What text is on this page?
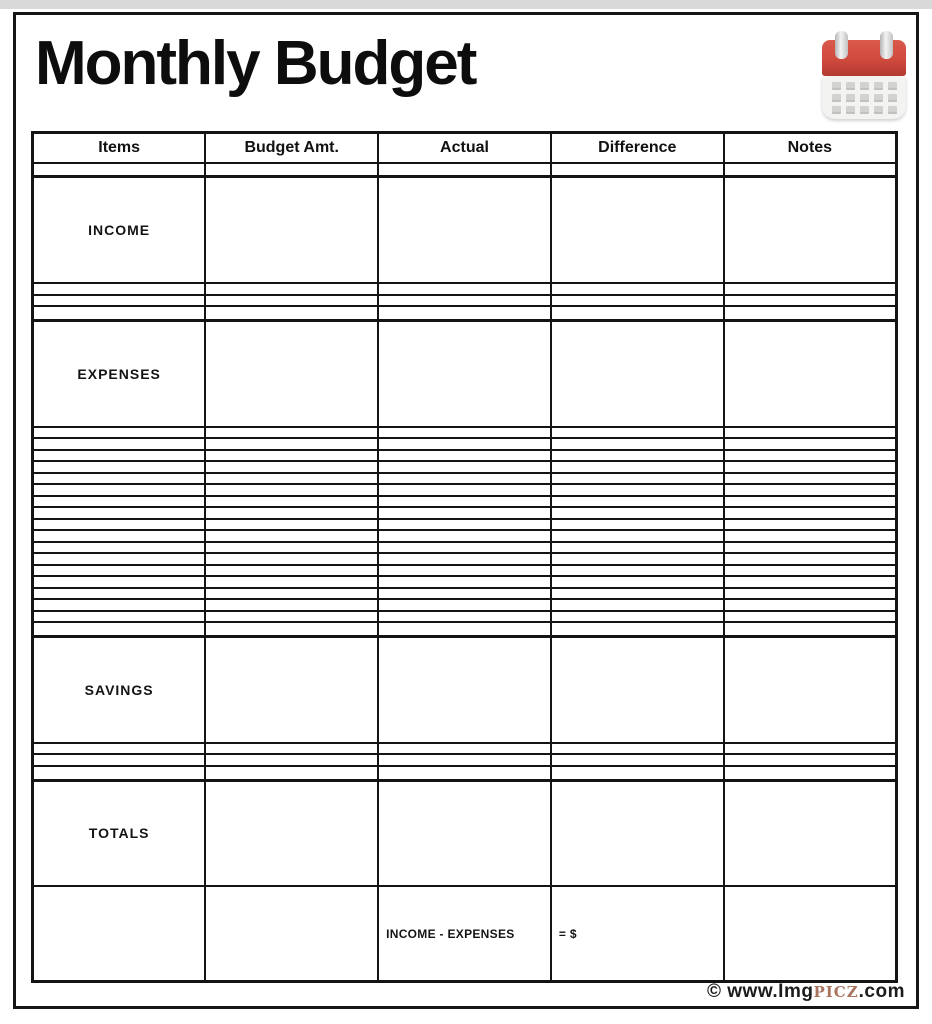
Monthly Budget
Items	Budget Amt.	Actual	Difference	Notes

INCOME				

EXPENSES				

SAVINGS				

TOTALS				
		INCOME - EXPENSES	= $	
© www.ImgPICZ.com
